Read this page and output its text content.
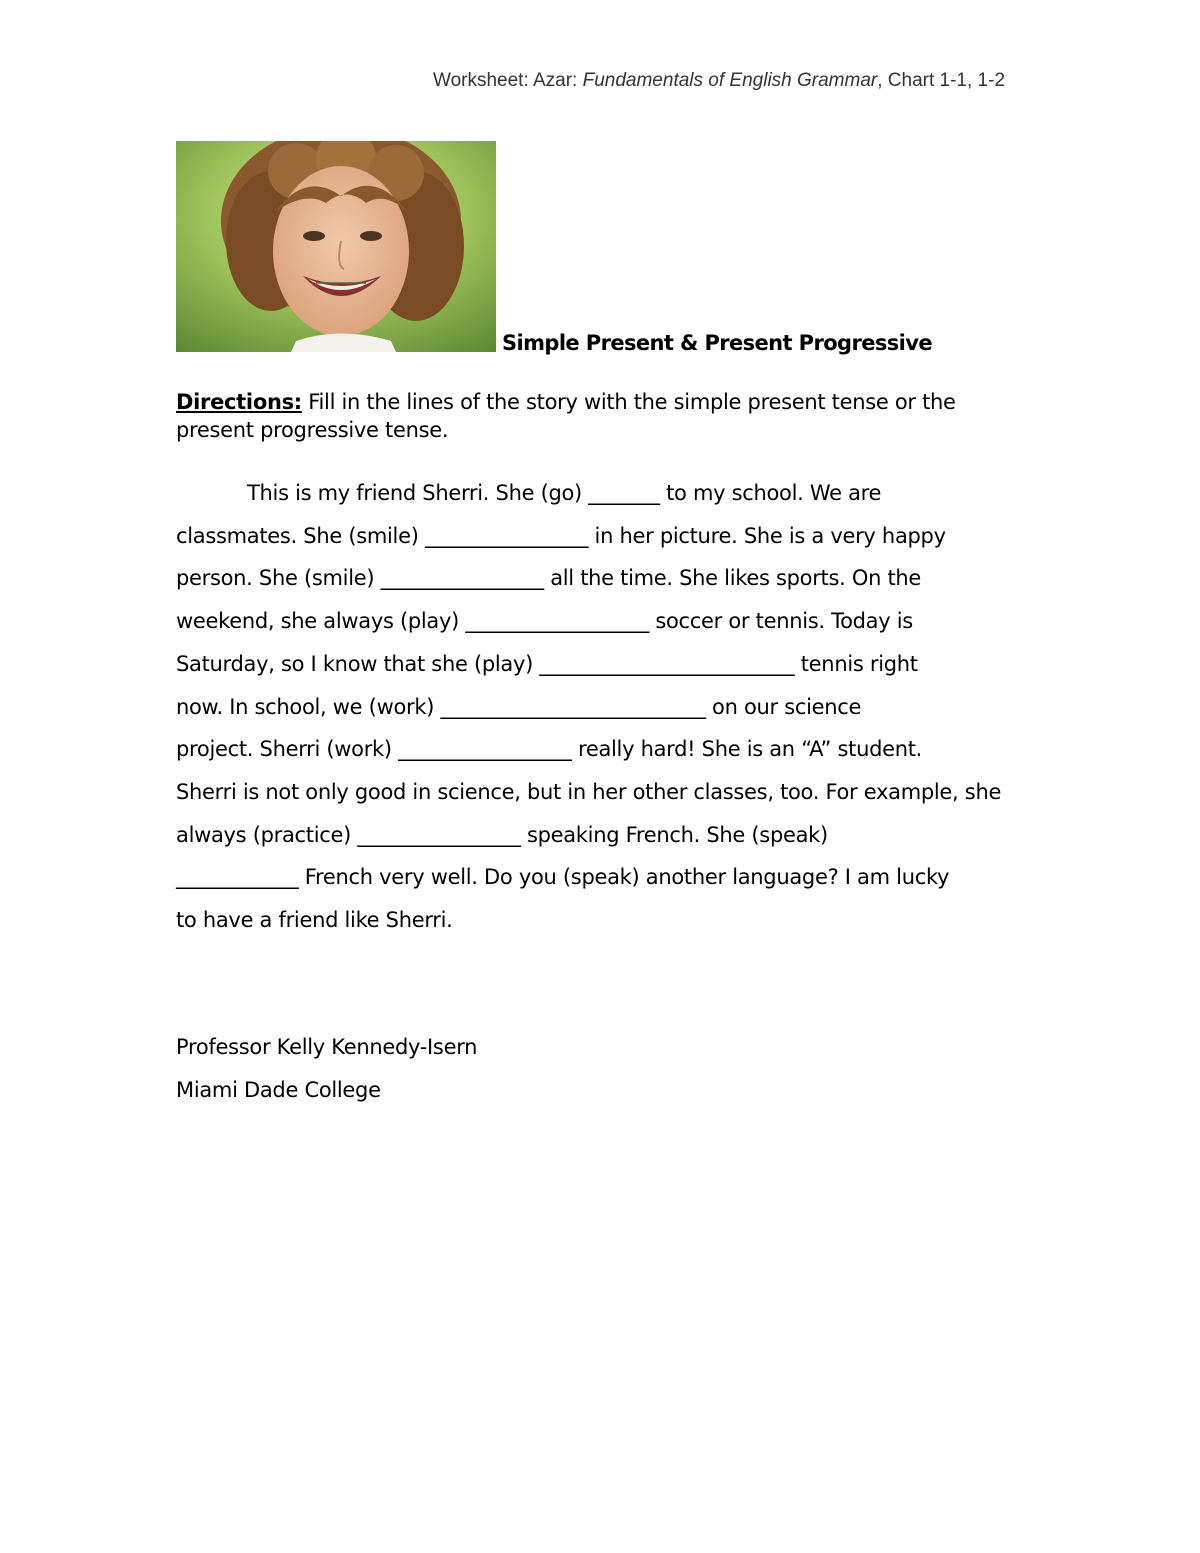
Worksheet: Azar: Fundamentals of English Grammar, Chart 1-1, 1-2
Simple Present & Present Progressive
Directions: Fill in the lines of the story with the simple present tense or the present progressive tense.
This is my friend Sherri. She (go) _______ to my school. We are
classmates. She (smile) ________________ in her picture. She is a very happy
person. She (smile) ________________ all the time. She likes sports. On the
weekend, she always (play) __________________ soccer or tennis. Today is
Saturday, so I know that she (play) _________________________ tennis right
now. In school, we (work) __________________________ on our science
project. Sherri (work) _________________ really hard! She is an “A” student.
Sherri is not only good in science, but in her other classes, too. For example, she
always (practice) ________________ speaking French. She (speak)
____________ French very well. Do you (speak) another language? I am lucky
to have a friend like Sherri.
Professor Kelly Kennedy-Isern
Miami Dade College
